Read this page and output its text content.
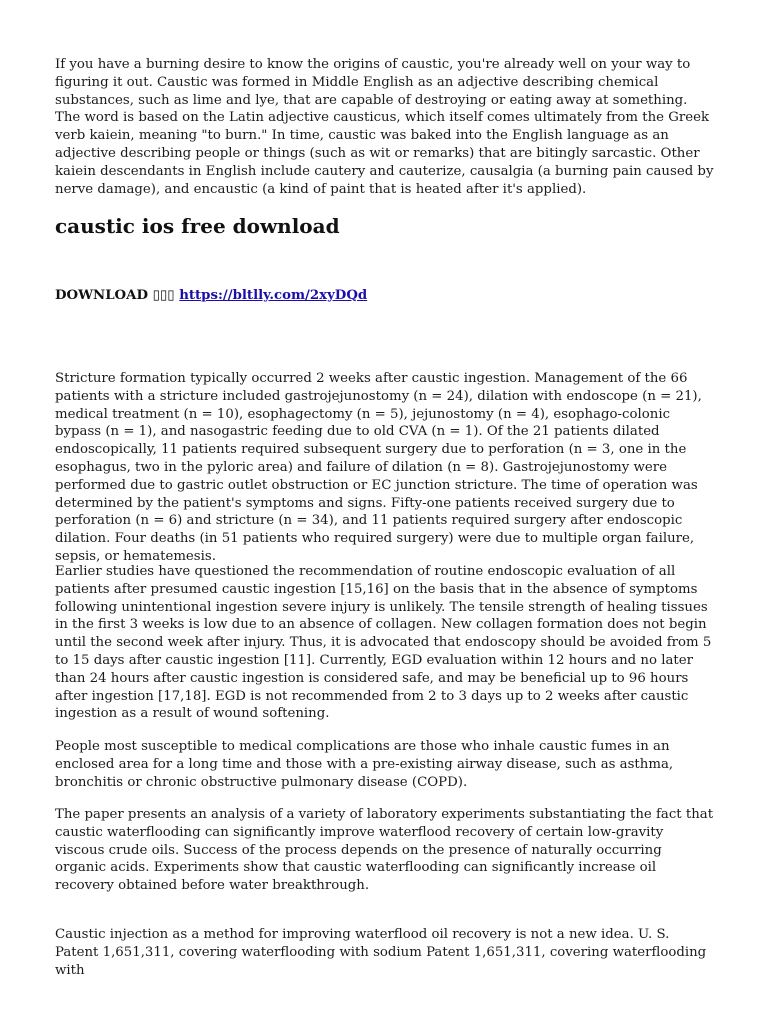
If you have a burning desire to know the origins of caustic, you're already well on your way to figuring it out. Caustic was formed in Middle English as an adjective describing chemical substances, such as lime and lye, that are capable of destroying or eating away at something. The word is based on the Latin adjective causticus, which itself comes ultimately from the Greek verb kaiein, meaning "to burn." In time, caustic was baked into the English language as an adjective describing people or things (such as wit or remarks) that are bitingly sarcastic. Other kaiein descendants in English include cautery and cauterize, causalgia (a burning pain caused by nerve damage), and encaustic (a kind of paint that is heated after it's applied).

caustic ios free download
DOWNLOAD ▯▯▯ https://bltlly.com/2xyDQd

Stricture formation typically occurred 2 weeks after caustic ingestion. Management of the 66 patients with a stricture included gastrojejunostomy (n = 24), dilation with endoscope (n = 21), medical treatment (n = 10), esophagectomy (n = 5), jejunostomy (n = 4), esophago-colonic bypass (n = 1), and nasogastric feeding due to old CVA (n = 1). Of the 21 patients dilated endoscopically, 11 patients required subsequent surgery due to perforation (n = 3, one in the esophagus, two in the pyloric area) and failure of dilation (n = 8). Gastrojejunostomy were performed due to gastric outlet obstruction or EC junction stricture. The time of operation was determined by the patient's symptoms and signs. Fifty-one patients received surgery due to perforation (n = 6) and stricture (n = 34), and 11 patients required surgery after endoscopic dilation. Four deaths (in 51 patients who required surgery) were due to multiple organ failure, sepsis, or hematemesis.

Earlier studies have questioned the recommendation of routine endoscopic evaluation of all patients after presumed caustic ingestion [15,16] on the basis that in the absence of symptoms following unintentional ingestion severe injury is unlikely. The tensile strength of healing tissues in the first 3 weeks is low due to an absence of collagen. New collagen formation does not begin until the second week after injury. Thus, it is advocated that endoscopy should be avoided from 5 to 15 days after caustic ingestion [11]. Currently, EGD evaluation within 12 hours and no later than 24 hours after caustic ingestion is considered safe, and may be beneficial up to 96 hours after ingestion [17,18]. EGD is not recommended from 2 to 3 days up to 2 weeks after caustic ingestion as a result of wound softening.

People most susceptible to medical complications are those who inhale caustic fumes in an enclosed area for a long time and those with a pre-existing airway disease, such as asthma, bronchitis or chronic obstructive pulmonary disease (COPD).

The paper presents an analysis of a variety of laboratory experiments substantiating the fact that caustic waterflooding can significantly improve waterflood recovery of certain low-gravity viscous crude oils. Success of the process depends on the presence of naturally occurring organic acids. Experiments show that caustic waterflooding can significantly increase oil recovery obtained before water breakthrough.

Caustic injection as a method for improving waterflood oil recovery is not a new idea. U. S. Patent 1,651,311, covering waterflooding with sodium Patent 1,651,311, covering waterflooding with
